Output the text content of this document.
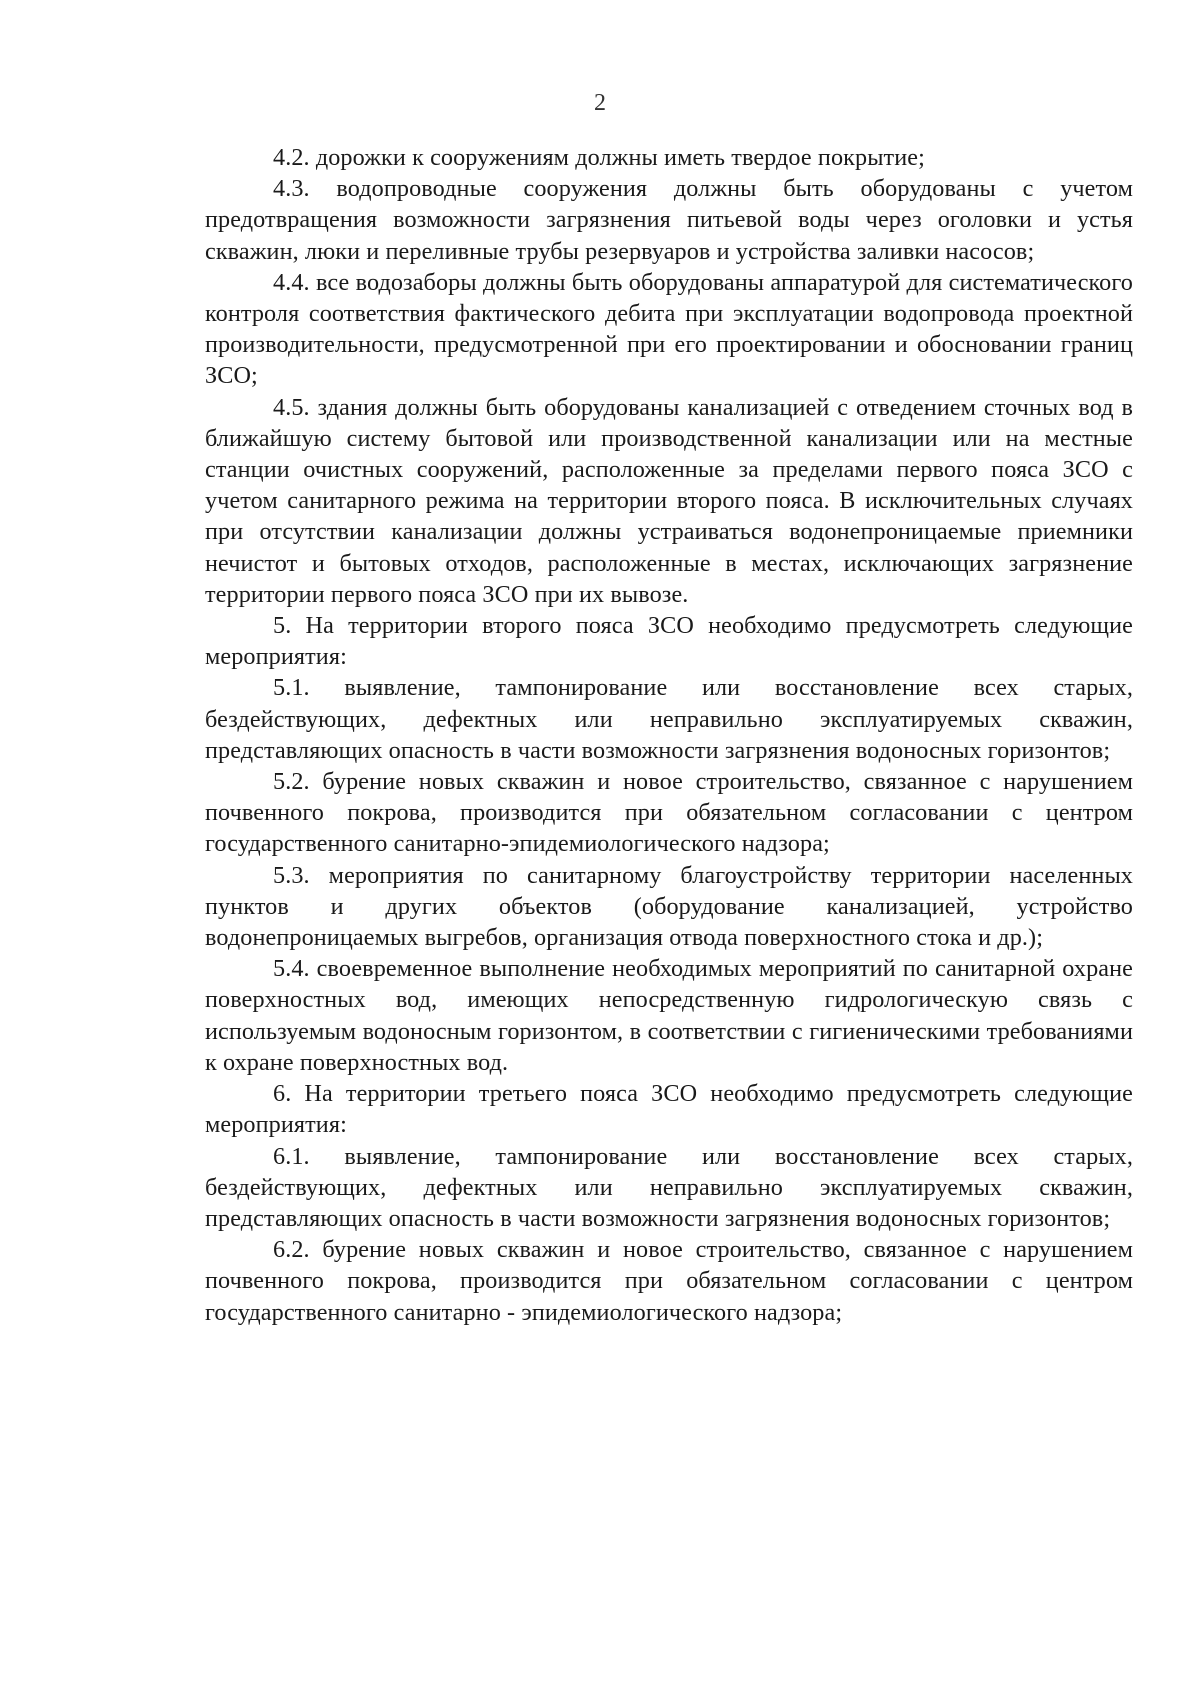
2

4.2. дорожки к сооружениям должны иметь твердое покрытие;

4.3. водопроводные сооружения должны быть оборудованы с учетом предотвращения возможности загрязнения питьевой воды через оголовки и устья скважин, люки и переливные трубы резервуаров и устройства заливки насосов;

4.4. все водозаборы должны быть оборудованы аппаратурой для систематического контроля соответствия фактического дебита при эксплуатации водопровода проектной производительности, предусмотренной при его проектировании и обосновании границ ЗСО;

4.5. здания должны быть оборудованы канализацией с отведением сточных вод в ближайшую систему бытовой или производственной канализации или на местные станции очистных сооружений, расположенные за пределами первого пояса ЗСО с учетом санитарного режима на территории второго пояса. В исключительных случаях при отсутствии канализации должны устраиваться водонепроницаемые приемники нечистот и бытовых отходов, расположенные в местах, исключающих загрязнение территории первого пояса ЗСО при их вывозе.

5. На территории второго пояса ЗСО необходимо предусмотреть следующие мероприятия:

5.1. выявление, тампонирование или восстановление всех старых, бездействующих, дефектных или неправильно эксплуатируемых скважин, представляющих опасность в части возможности загрязнения водоносных горизонтов;

5.2. бурение новых скважин и новое строительство, связанное с нарушением почвенного покрова, производится при обязательном согласовании с центром государственного санитарно-эпидемиологического надзора;

5.3. мероприятия по санитарному благоустройству территории населенных пунктов и других объектов (оборудование канализацией, устройство водонепроницаемых выгребов, организация отвода поверхностного стока и др.);

5.4. своевременное выполнение необходимых мероприятий по санитарной охране поверхностных вод, имеющих непосредственную гидрологическую связь с используемым водоносным горизонтом, в соответствии с гигиеническими требованиями к охране поверхностных вод.

6. На территории третьего пояса ЗСО необходимо предусмотреть следующие мероприятия:

6.1. выявление, тампонирование или восстановление всех старых, бездействующих, дефектных или неправильно эксплуатируемых скважин, представляющих опасность в части возможности загрязнения водоносных горизонтов;

6.2. бурение новых скважин и новое строительство, связанное с нарушением почвенного покрова, производится при обязательном согласовании с центром государственного санитарно - эпидемиологического надзора;
